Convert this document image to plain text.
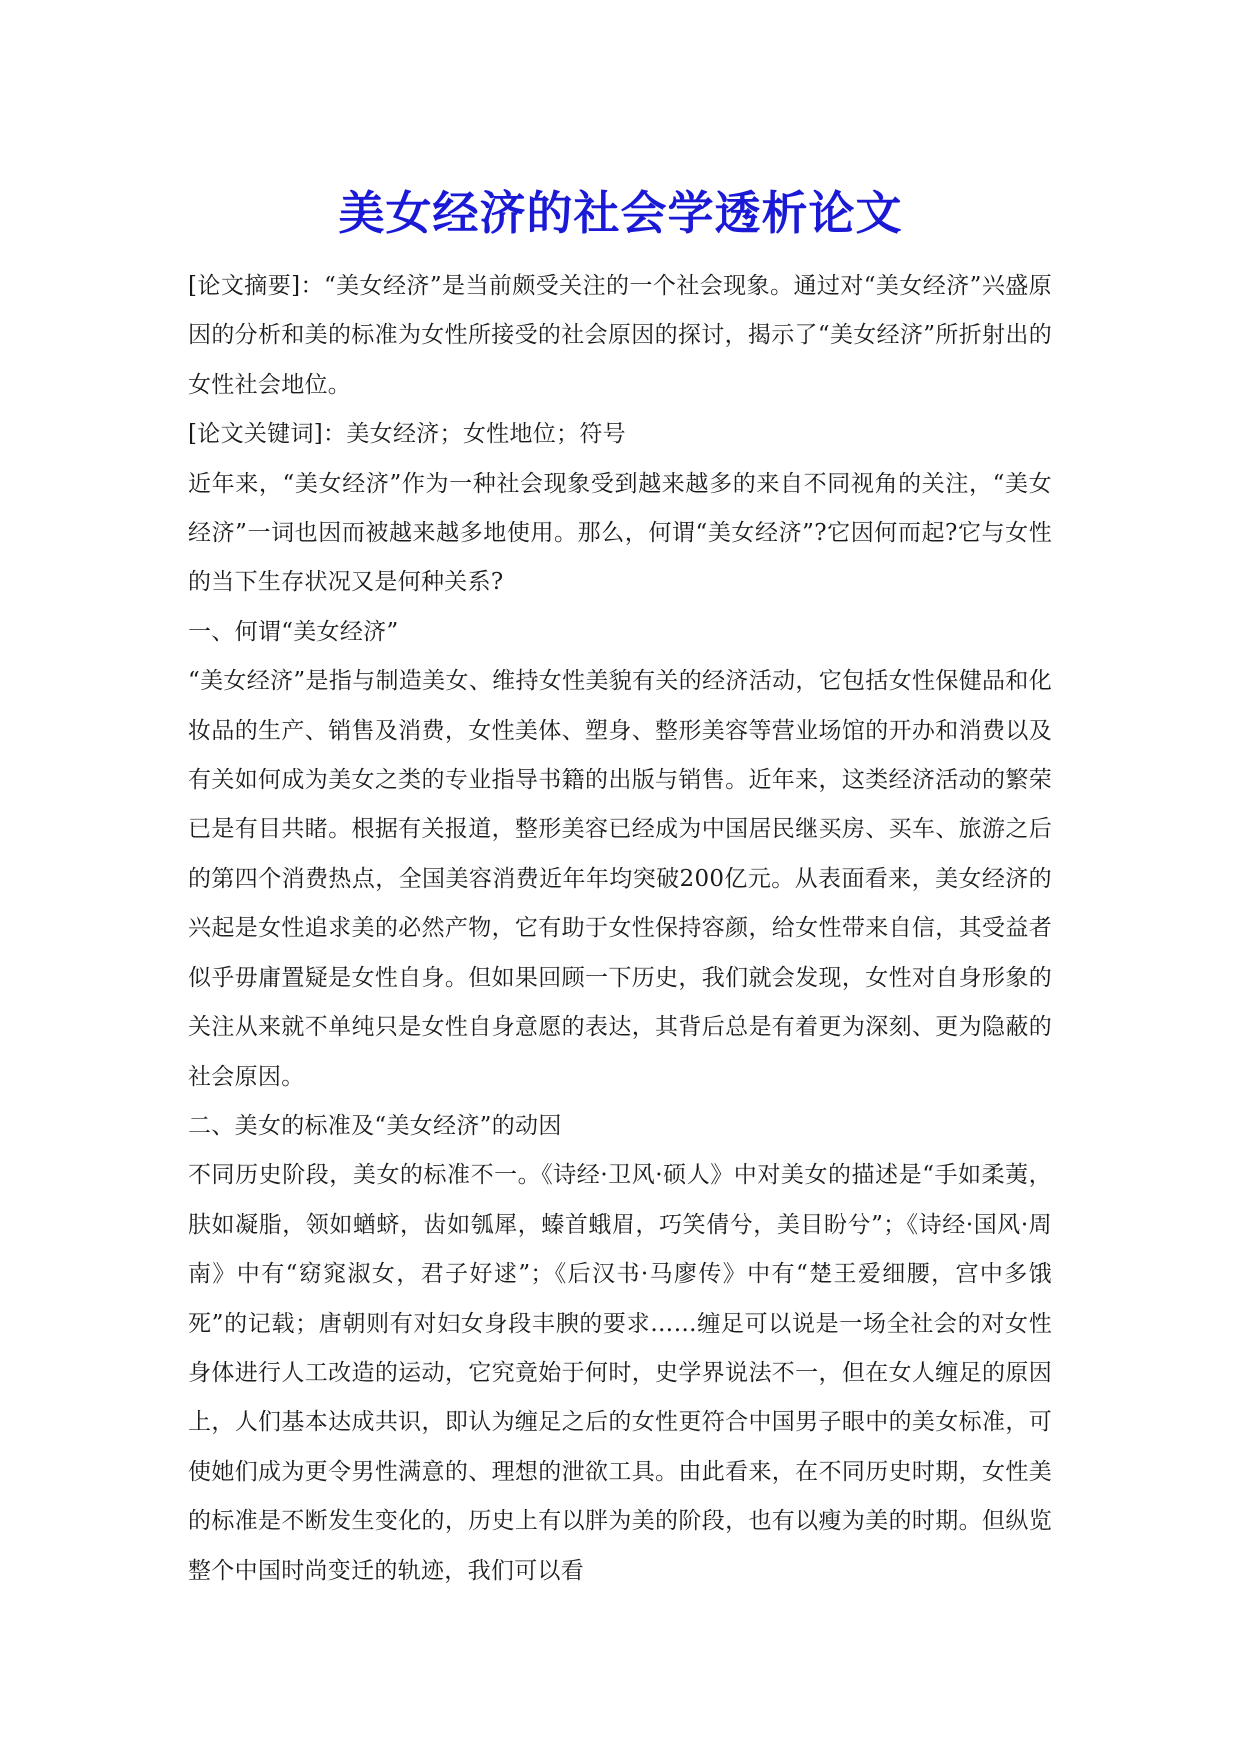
美女经济的社会学透析论文

[论文摘要]：“美女经济”是当前颇受关注的一个社会现象。通过对“美女经济”兴盛原因的分析和美的标准为女性所接受的社会原因的探讨，揭示了“美女经济”所折射出的女性社会地位。

[论文关键词]：美女经济；女性地位；符号

近年来，“美女经济”作为一种社会现象受到越来越多的来自不同视角的关注，“美女经济”一词也因而被越来越多地使用。那么，何谓“美女经济”?它因何而起?它与女性的当下生存状况又是何种关系?

一、何谓“美女经济”

“美女经济”是指与制造美女、维持女性美貌有关的经济活动，它包括女性保健品和化妆品的生产、销售及消费，女性美体、塑身、整形美容等营业场馆的开办和消费以及有关如何成为美女之类的专业指导书籍的出版与销售。近年来，这类经济活动的繁荣已是有目共睹。根据有关报道，整形美容已经成为中国居民继买房、买车、旅游之后的第四个消费热点，全国美容消费近年年均突破200亿元。从表面看来，美女经济的兴起是女性追求美的必然产物，它有助于女性保持容颜，给女性带来自信，其受益者似乎毋庸置疑是女性自身。但如果回顾一下历史，我们就会发现，女性对自身形象的关注从来就不单纯只是女性自身意愿的表达，其背后总是有着更为深刻、更为隐蔽的社会原因。

二、美女的标准及“美女经济”的动因

不同历史阶段，美女的标准不一。《诗经·卫风·硕人》中对美女的描述是“手如柔荑，肤如凝脂，领如蝤蛴，齿如瓠犀，螓首蛾眉，巧笑倩兮，美目盼兮”；《诗经·国风·周南》中有“窈窕淑女，君子好逑”；《后汉书·马廖传》中有“楚王爱细腰，宫中多饿死”的记载；唐朝则有对妇女身段丰腴的要求……缠足可以说是一场全社会的对女性身体进行人工改造的运动，它究竟始于何时，史学界说法不一，但在女人缠足的原因上，人们基本达成共识，即认为缠足之后的女性更符合中国男子眼中的美女标准，可使她们成为更令男性满意的、理想的泄欲工具。由此看来，在不同历史时期，女性美的标准是不断发生变化的，历史上有以胖为美的阶段，也有以瘦为美的时期。但纵览整个中国时尚变迁的轨迹，我们可以看
